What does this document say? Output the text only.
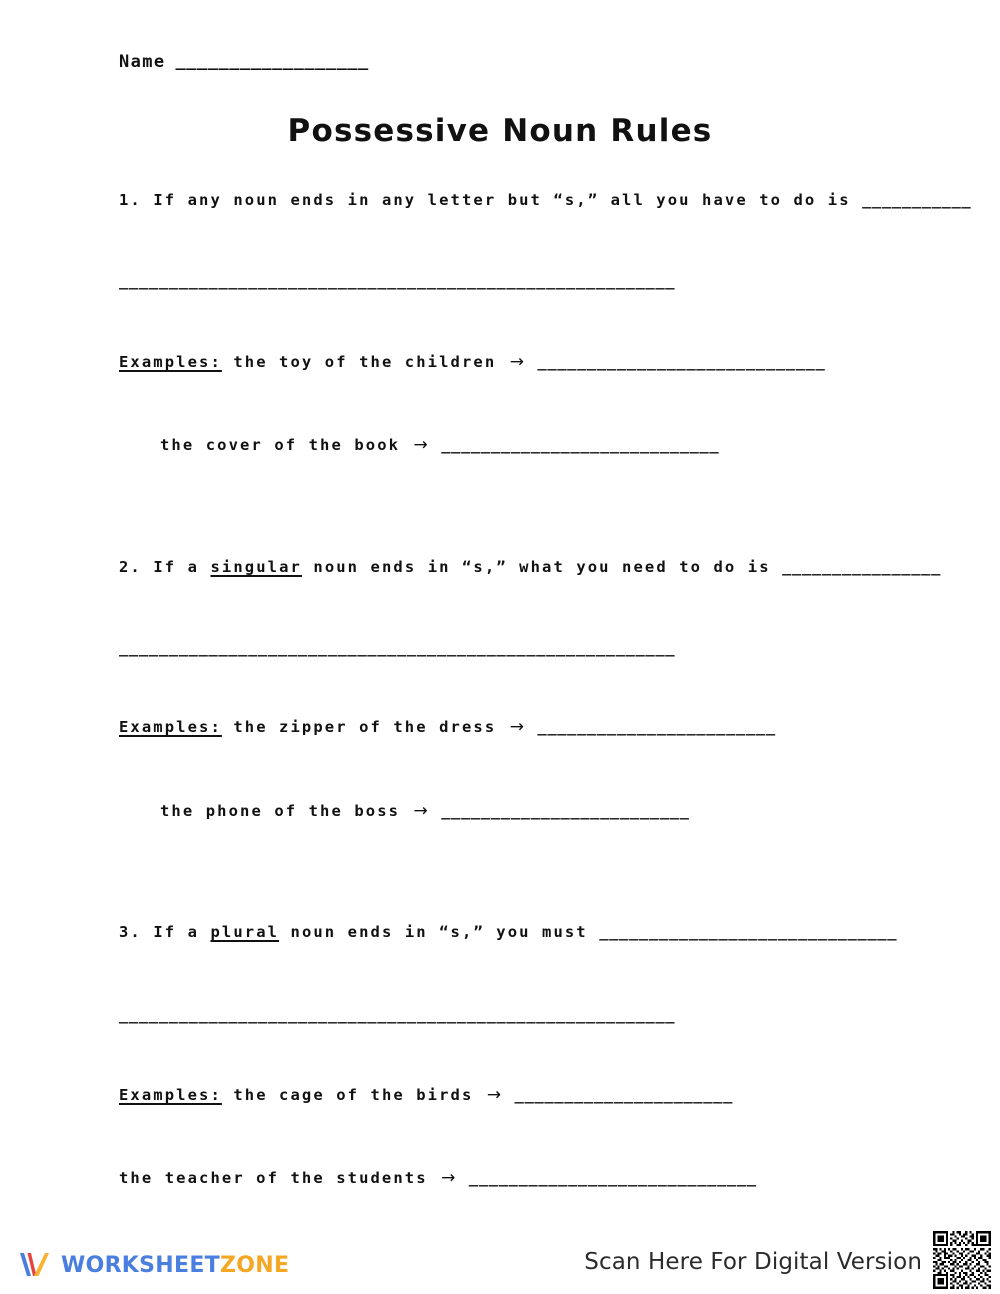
Name __________________
Possessive Noun Rules
1. If any noun ends in any letter but “s,” all you have to do is ___________
________________________________________________________
Examples: the toy of the children → _____________________________
the cover of the book → ____________________________
2. If a singular noun ends in “s,” what you need to do is ________________
________________________________________________________
Examples: the zipper of the dress → ________________________
the phone of the boss → _________________________
3. If a plural noun ends in “s,” you must ______________________________
________________________________________________________
Examples: the cage of the birds → ______________________
the teacher of the students → _____________________________
WORKSHEETZONE	Scan Here For Digital Version
